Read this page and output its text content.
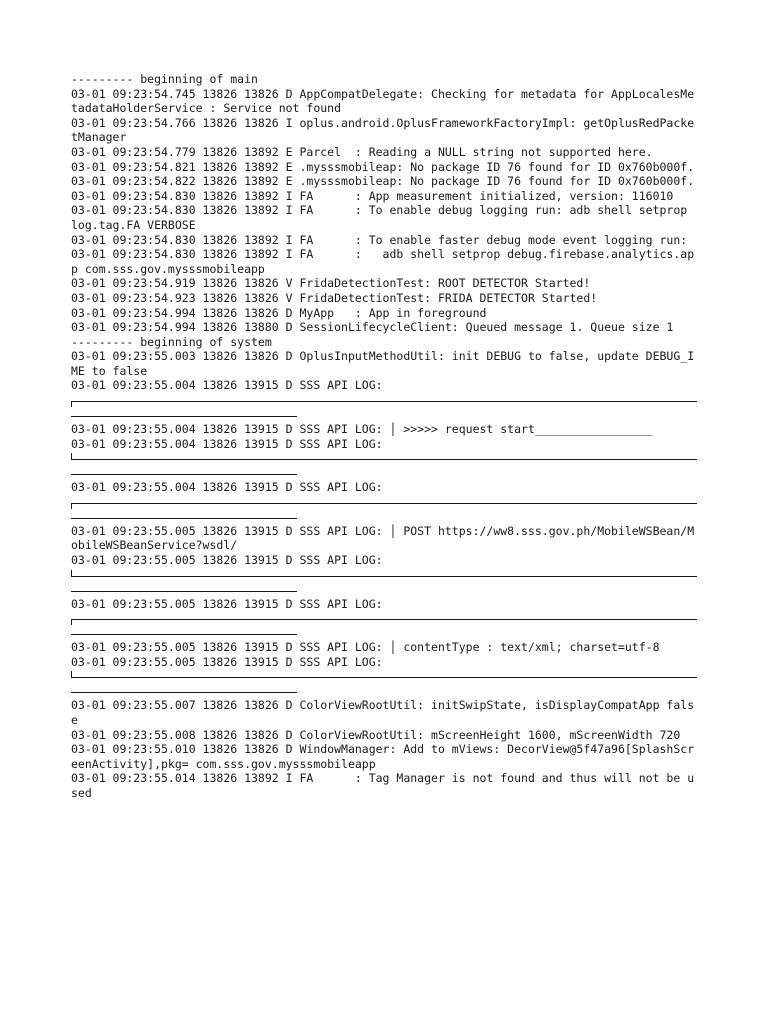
--------- beginning of main
03-01 09:23:54.745 13826 13826 D AppCompatDelegate: Checking for metadata for AppLocalesMetadataHolderService : Service not found
03-01 09:23:54.766 13826 13826 I oplus.android.OplusFrameworkFactoryImpl: getOplusRedPacketManager
03-01 09:23:54.779 13826 13892 E Parcel  : Reading a NULL string not supported here.
03-01 09:23:54.821 13826 13892 E .mysssmobileap: No package ID 76 found for ID 0x760b000f.
03-01 09:23:54.822 13826 13892 E .mysssmobileap: No package ID 76 found for ID 0x760b000f.
03-01 09:23:54.830 13826 13892 I FA      : App measurement initialized, version: 116010
03-01 09:23:54.830 13826 13892 I FA      : To enable debug logging run: adb shell setprop log.tag.FA VERBOSE
03-01 09:23:54.830 13826 13892 I FA      : To enable faster debug mode event logging run:
03-01 09:23:54.830 13826 13892 I FA      :   adb shell setprop debug.firebase.analytics.app com.sss.gov.mysssmobileapp
03-01 09:23:54.919 13826 13826 V FridaDetectionTest: ROOT DETECTOR Started!
03-01 09:23:54.923 13826 13826 V FridaDetectionTest: FRIDA DETECTOR Started!
03-01 09:23:54.994 13826 13826 D MyApp   : App in foreground
03-01 09:23:54.994 13826 13880 D SessionLifecycleClient: Queued message 1. Queue size 1
--------- beginning of system
03-01 09:23:55.003 13826 13826 D OplusInputMethodUtil: init DEBUG to false, update DEBUG_IME to false
03-01 09:23:55.004 13826 13915 D SSS API LOG:
03-01 09:23:55.004 13826 13915 D SSS API LOG: │ >>>>> request start_________________
03-01 09:23:55.004 13826 13915 D SSS API LOG:
03-01 09:23:55.004 13826 13915 D SSS API LOG:
03-01 09:23:55.005 13826 13915 D SSS API LOG: │ POST https://ww8.sss.gov.ph/MobileWSBean/MobileWSBeanService?wsdl/
03-01 09:23:55.005 13826 13915 D SSS API LOG:
03-01 09:23:55.005 13826 13915 D SSS API LOG:
03-01 09:23:55.005 13826 13915 D SSS API LOG: │ contentType : text/xml; charset=utf-8
03-01 09:23:55.005 13826 13915 D SSS API LOG:
03-01 09:23:55.007 13826 13826 D ColorViewRootUtil: initSwipState, isDisplayCompatApp false
03-01 09:23:55.008 13826 13826 D ColorViewRootUtil: mScreenHeight 1600, mScreenWidth 720
03-01 09:23:55.010 13826 13826 D WindowManager: Add to mViews: DecorView@5f47a96[SplashScreenActivity],pkg= com.sss.gov.mysssmobileapp
03-01 09:23:55.014 13826 13892 I FA      : Tag Manager is not found and thus will not be used
